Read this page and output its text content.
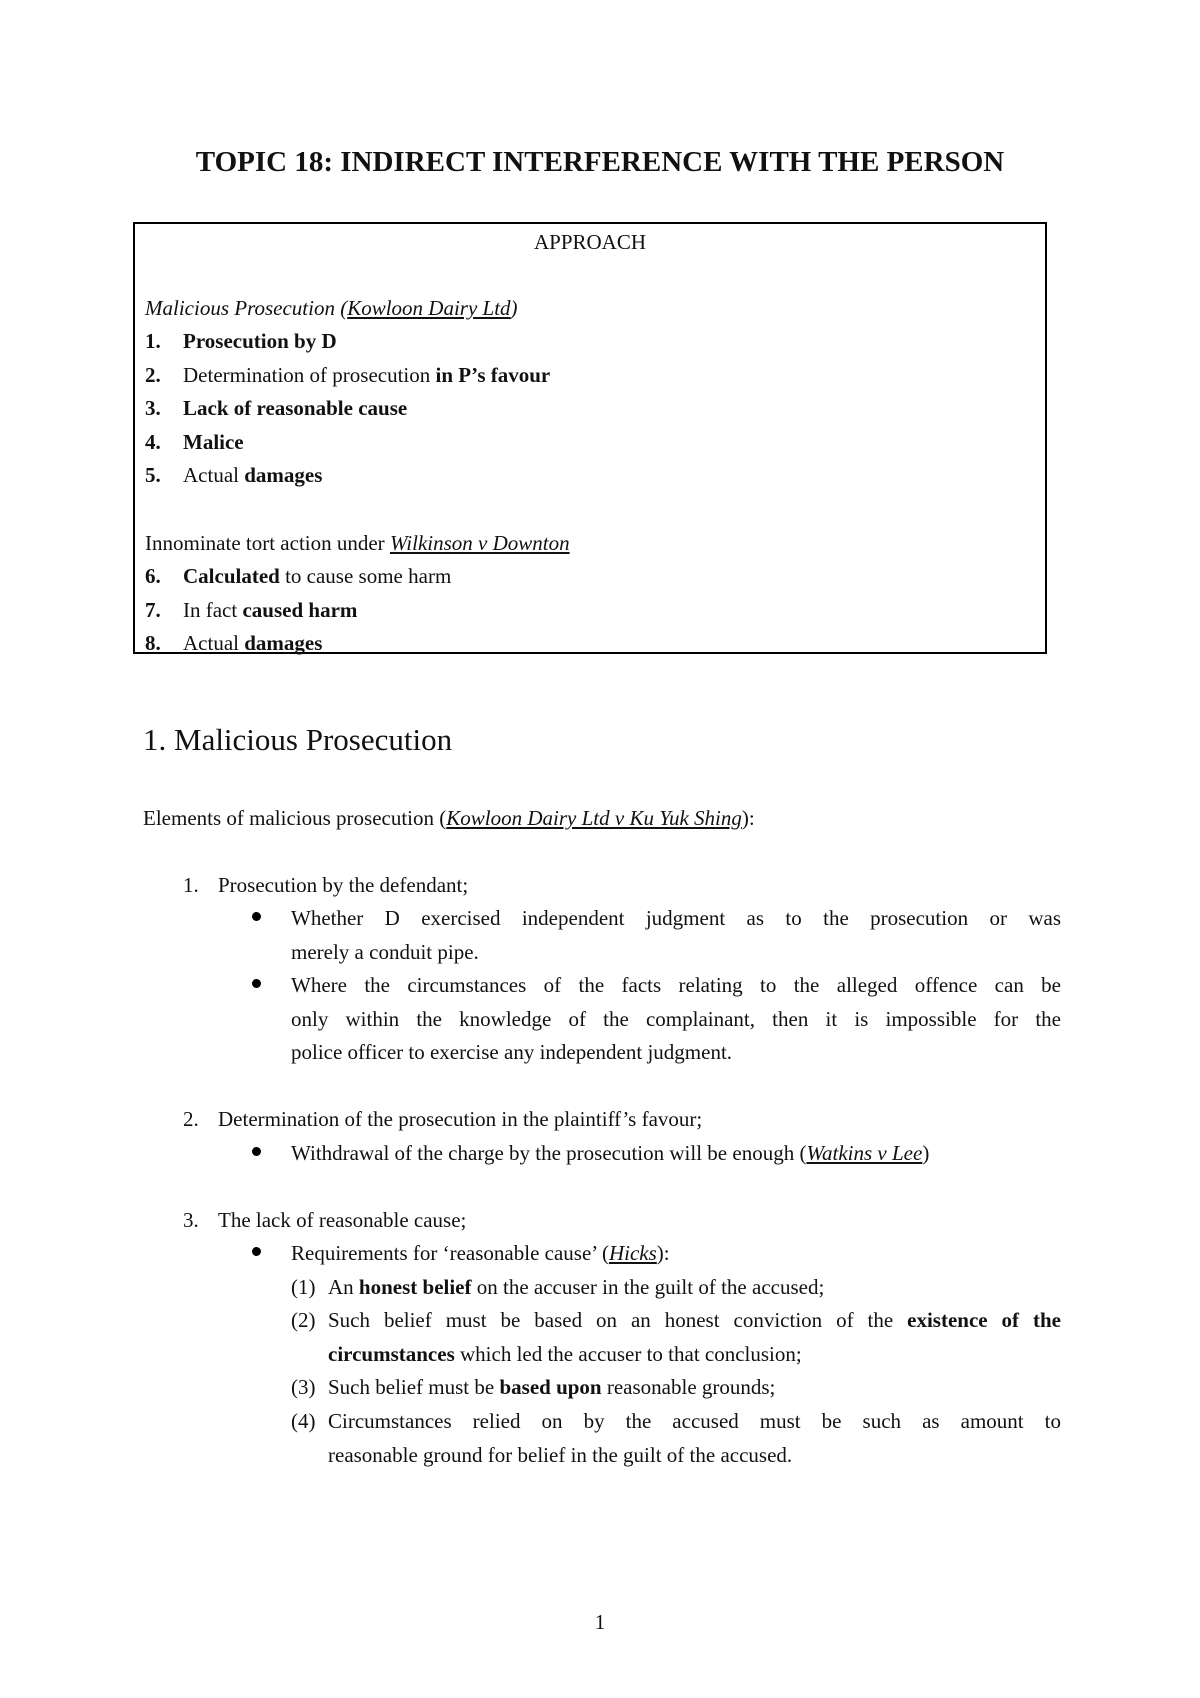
TOPIC 18: INDIRECT INTERFERENCE WITH THE PERSON
APPROACH
Malicious Prosecution (Kowloon Dairy Ltd)
1. Prosecution by D
2. Determination of prosecution in P’s favour
3. Lack of reasonable cause
4. Malice
5. Actual damages
Innominate tort action under Wilkinson v Downton
6. Calculated to cause some harm
7. In fact caused harm
8. Actual damages
1. Malicious Prosecution
Elements of malicious prosecution (Kowloon Dairy Ltd v Ku Yuk Shing):
1. Prosecution by the defendant;
Whether D exercised independent judgment as to the prosecution or was
merely a conduit pipe.
Where the circumstances of the facts relating to the alleged offence can be
only within the knowledge of the complainant, then it is impossible for the
police officer to exercise any independent judgment.
2. Determination of the prosecution in the plaintiff’s favour;
Withdrawal of the charge by the prosecution will be enough (Watkins v Lee)
3. The lack of reasonable cause;
Requirements for ‘reasonable cause’ (Hicks):
(1) An honest belief on the accuser in the guilt of the accused;
(2) Such belief must be based on an honest conviction of the existence of the
circumstances which led the accuser to that conclusion;
(3) Such belief must be based upon reasonable grounds;
(4) Circumstances relied on by the accused must be such as amount to
reasonable ground for belief in the guilt of the accused.
1
